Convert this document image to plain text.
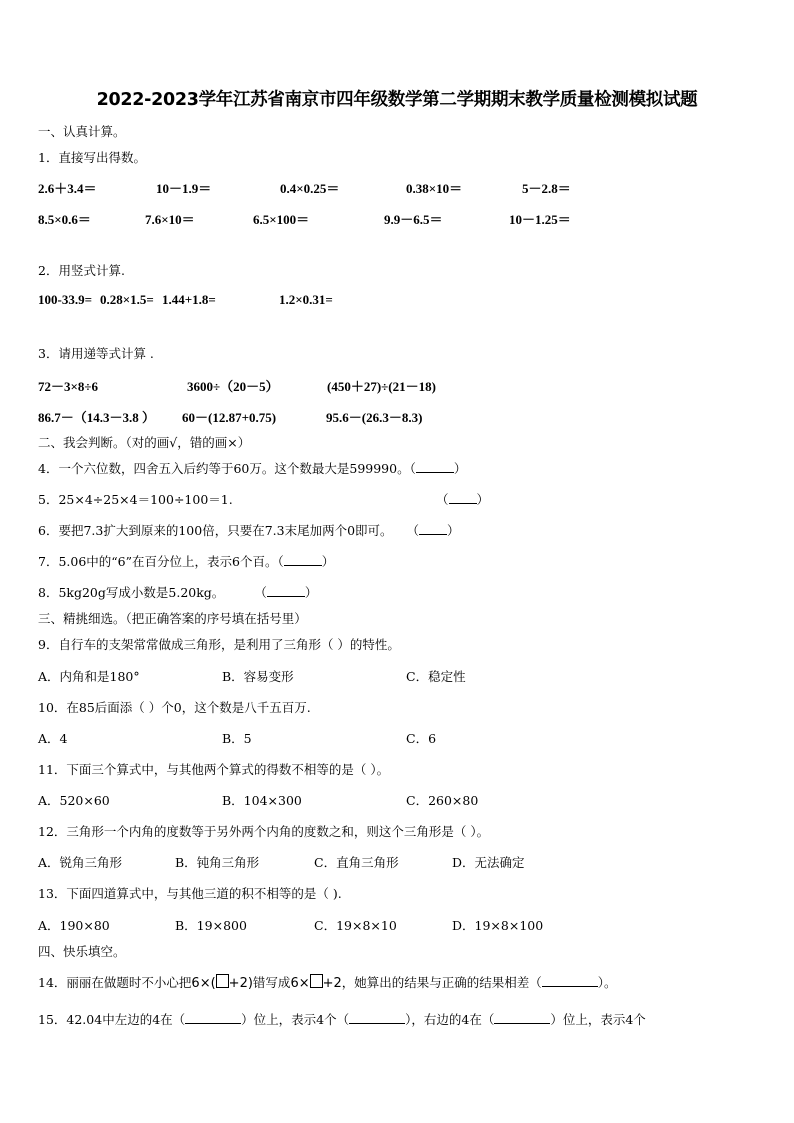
2022-2023学年江苏省南京市四年级数学第二学期期末教学质量检测模拟试题
一、认真计算。
1．直接写出得数。
2.6＋3.4＝	10－1.9＝	0.4×0.25＝	0.38×10＝	5－2.8＝
8.5×0.6＝	7.6×10＝	6.5×100＝	9.9－6.5＝	10－1.25＝
2．用竖式计算.
100-33.9= 0.28×1.5= 1.44+1.8=	1.2×0.31=
3．请用递等式计算 .
72－3×8÷6	3600÷（20－5）	(450＋27)÷(21－18)
86.7－（14.3－3.8 ） 60－(12.87+0.75)	95.6－(26.3－8.3)
二、我会判断。（对的画√，错的画×）
4．一个六位数，四舍五入后约等于60万。这个数最大是599990。（	）
5．25×4÷25×4＝100÷100＝1.	（ ）
6．要把7.3扩大到原来的100倍，只要在7.3末尾加两个0即可。 （ ）
7．5.06中的“6”在百分位上，表示6个百。（	）
8．5kg20g写成小数是5.20kg。 （	）
三、精挑细选。（把正确答案的序号填在括号里）
9．自行车的支架常常做成三角形，是利用了三角形（ ）的特性。
A．内角和是180°	B．容易变形	C．稳定性
10．在85后面添（ ）个0，这个数是八千五百万.
A．4	B．5	C．6
11．下面三个算式中，与其他两个算式的得数不相等的是（ ）。
A．520×60	B．104×300	C．260×80
12．三角形一个内角的度数等于另外两个内角的度数之和，则这个三角形是（ ）。
A．锐角三角形	B．钝角三角形	C．直角三角形	D．无法确定
13．下面四道算式中，与其他三道的积不相等的是（ ).
A．190×80	B．19×800	C．19×8×10	D．19×8×100
四、快乐填空。
14．丽丽在做题时不小心把6×( +2)错写成6× +2，她算出的结果与正确的结果相差（	）。
15．42.04中左边的4在（	）位上，表示4个（	），右边的4在（	）位上，表示4个
